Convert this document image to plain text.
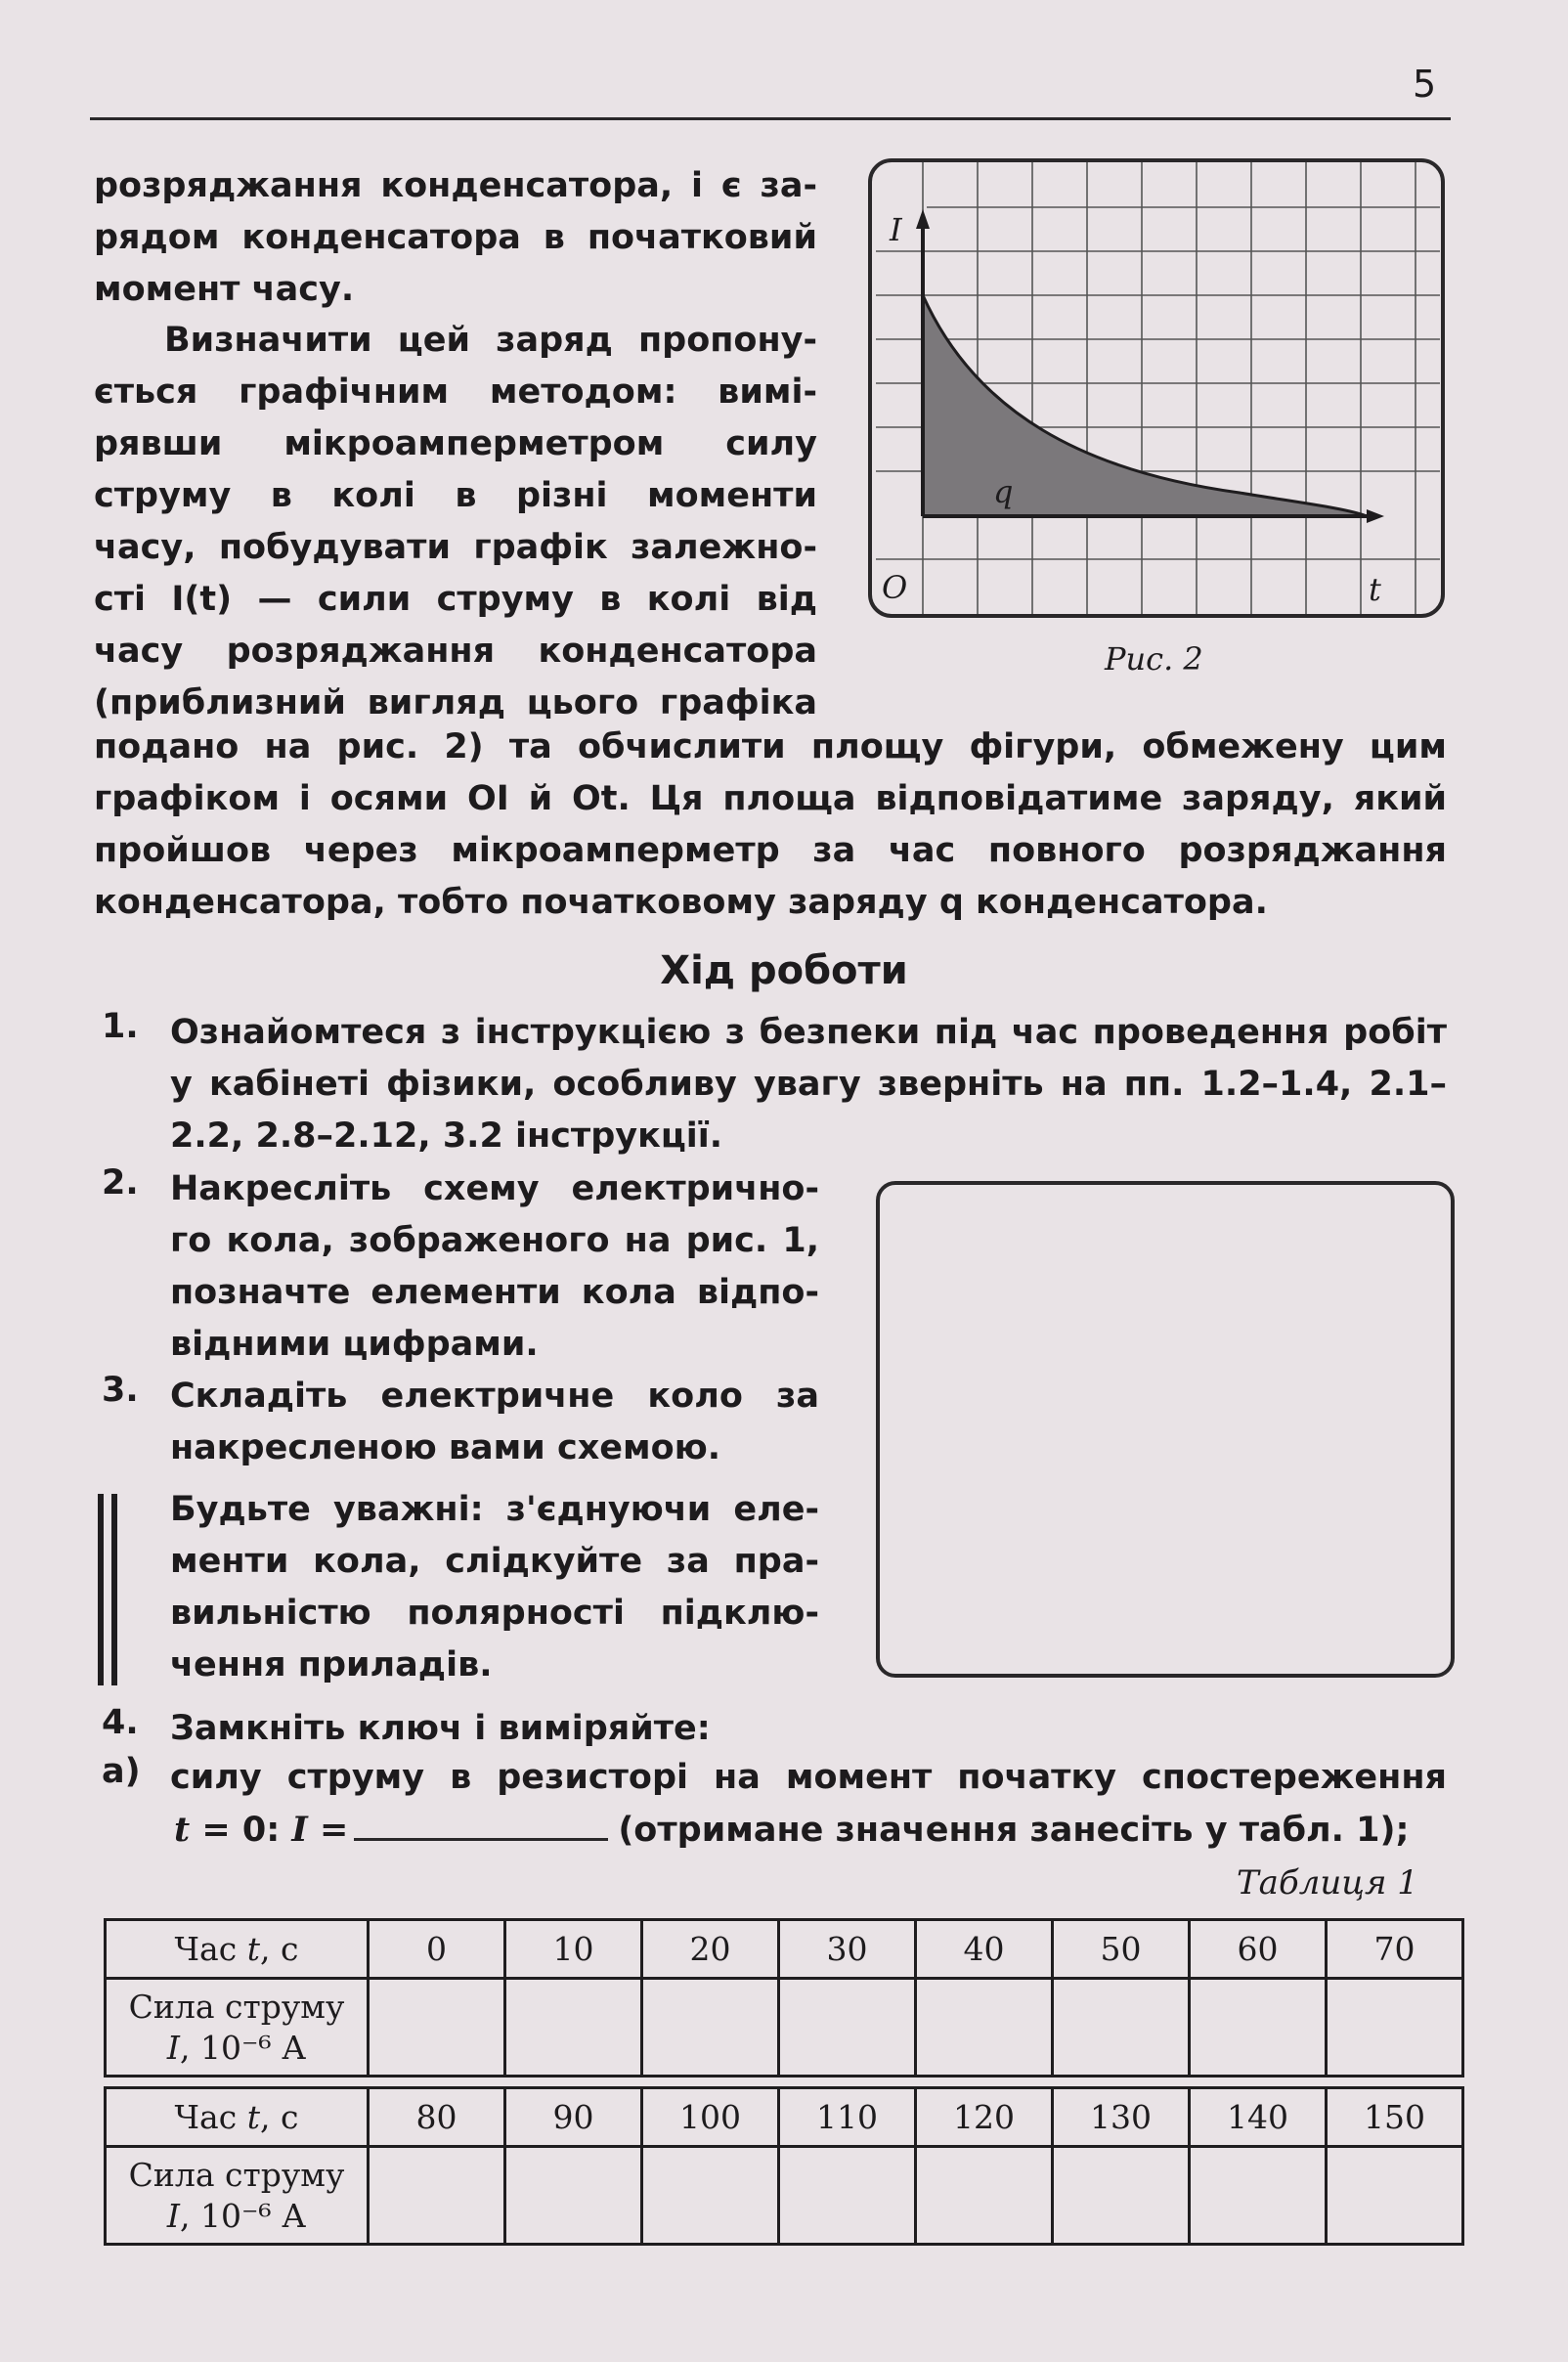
5
розряджання конденсатора, і є за-
рядом конденсатора в початковий
момент часу.
Визначити цей заряд пропону-
ється графічним методом: вимі-
рявши мікроамперметром силу
струму в колі в різні моменти
часу, побудувати графік залежно-
сті I(t) — сили струму в колі від
часу розряджання конденсатора
(приблизний вигляд цього графіка
подано на рис. 2) та обчислити площу фігури, обмежену цим
графіком і осями OI й Ot. Ця площа відповідатиме заряду, який
пройшов через мікроамперметр за час повного розряджання
конденсатора, тобто початковому заряду q конденсатора.
I
t
O
q
Рис. 2
Хід роботи
1. Ознайомтеся з інструкцією з безпеки під час проведення робіт
у кабінеті фізики, особливу увагу зверніть на пп. 1.2–1.4, 2.1–
2.2, 2.8–2.12, 3.2 інструкції.
2. Накресліть схему електрично-
го кола, зображеного на рис. 1,
позначте елементи кола відпо-
відними цифрами.
3. Складіть електричне коло за
накресленою вами схемою.
Будьте уважні: з'єднуючи еле-
менти кола, слідкуйте за пра-
вильністю полярності підклю-
чення приладів.
4. Замкніть ключ і виміряйте:
а) силу струму в резисторі на момент початку спостереження
t = 0: I =	(отримане значення занесіть у табл. 1);
Таблиця 1
Час t, с	0	10	20	30	40	50	60	70
Сила струму
I, 10⁻⁶ А								
Час t, с	80	90	100	110	120	130	140	150
Сила струму
I, 10⁻⁶ А								
